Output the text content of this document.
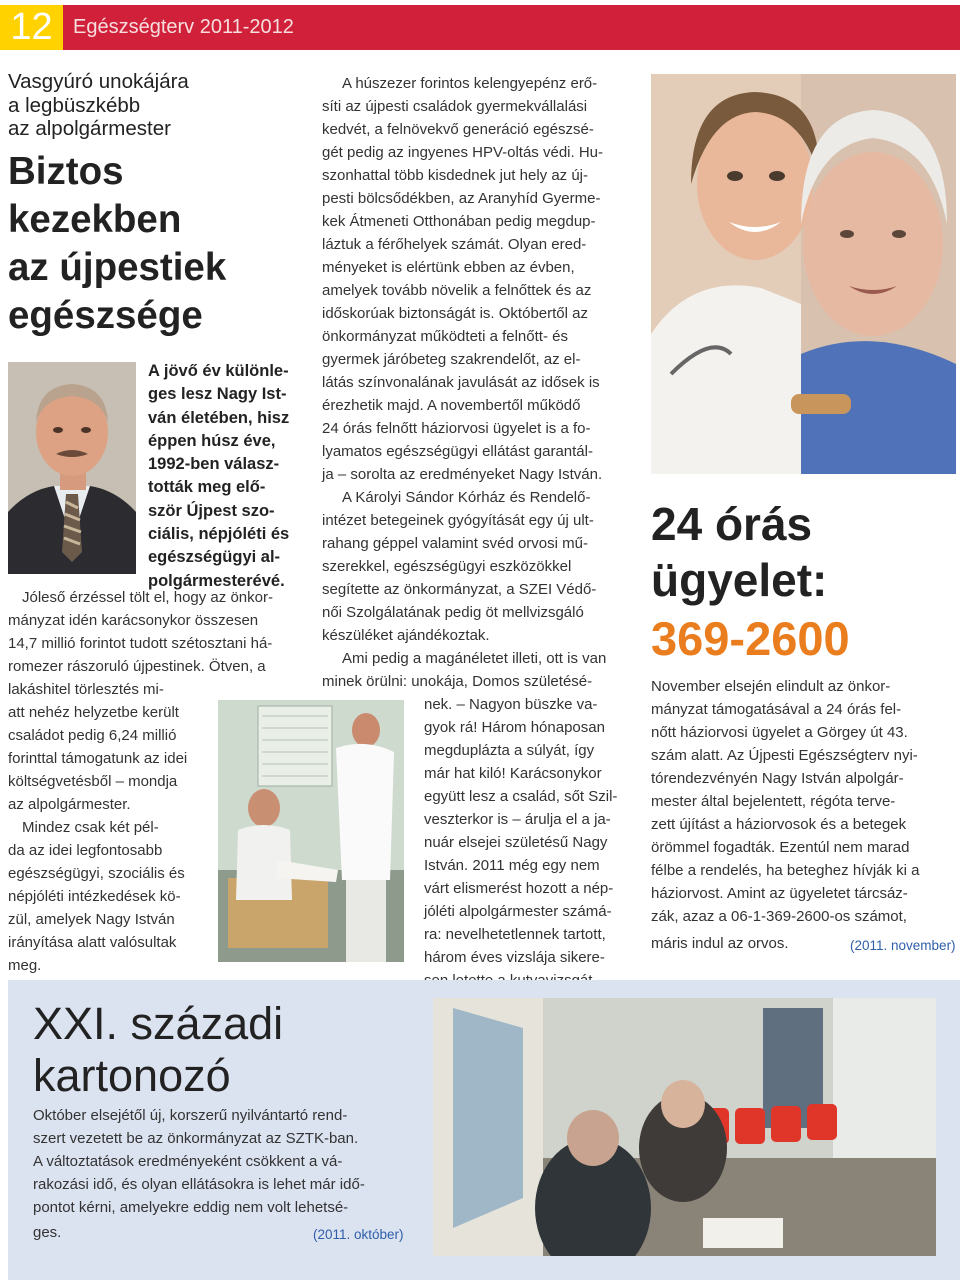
12	Egészségterv 2011-2012
Vasgyúró unokájára
a legbüszkébb
az alpolgármester
Biztos
kezekben
az újpestiek
egészsége
A jövő év különle-
ges lesz Nagy Ist-
ván életében, hisz
éppen húsz éve,
1992-ben válasz-
tották meg elő-
ször Újpest szo-
ciális, népjóléti és
egészségügyi al-
polgármesterévé.
Jóleső érzéssel tölt el, hogy az önkor-
mányzat idén karácsonykor összesen
14,7 millió forintot tudott szétosztani há-
romezer rászoruló újpestinek. Ötven, a
lakáshitel törlesztés mi-
att nehéz helyzetbe került
családot pedig 6,24 millió
forinttal támogatunk az idei
költségvetésből – mondja
az alpolgármester.
Mindez csak két pél-
da az idei legfontosabb
egészségügyi, szociális és
népjóléti intézkedések kö-
zül, amelyek Nagy István
irányítása alatt valósultak
meg.
A húszezer forintos kelengyepénz erő-
síti az újpesti családok gyermekvállalási
kedvét, a felnövekvő generáció egészsé-
gét pedig az ingyenes HPV-oltás védi. Hu-
szonhattal több kisdednek jut hely az új-
pesti bölcsődékben, az Aranyhíd Gyerme-
kek Átmeneti Otthonában pedig megdup-
láztuk a férőhelyek számát. Olyan ered-
ményeket is elértünk ebben az évben,
amelyek tovább növelik a felnőttek és az
időskorúak biztonságát is. Októbertől az
önkormányzat működteti a felnőtt- és
gyermek járóbeteg szakrendelőt, az el-
látás színvonalának javulását az idősek is
érezhetik majd. A novembertől működő
24 órás felnőtt háziorvosi ügyelet is a fo-
lyamatos egészségügyi ellátást garantál-
ja – sorolta az eredményeket Nagy István.
A Károlyi Sándor Kórház és Rendelő-
intézet betegeinek gyógyítását egy új ult-
rahang géppel valamint svéd orvosi mű-
szerekkel, egészségügyi eszközökkel
segítette az önkormányzat, a SZEI Védő-
női Szolgálatának pedig öt mellvizsgáló
készüléket ajándékoztak.
Ami pedig a magánéletet illeti, ott is van
minek örülni: unokája, Domos születésé-
nek. – Nagyon büszke va-
gyok rá! Három hónaposan
megduplázta a súlyát, így
már hat kiló! Karácsonykor
együtt lesz a család, sőt Szil-
veszterkor is – árulja el a ja-
nuár elsejei születésű Nagy
István. 2011 még egy nem
várt elismerést hozott a nép-
jóléti alpolgármester számá-
ra: nevelhetetlennek tartott,
három éves vizslája sikere-
24 órás
ügyelet:
369-2600
November elsején elindult az önkor-
mányzat támogatásával a 24 órás fel-
nőtt háziorvosi ügyelet a Görgey út 43.
szám alatt. Az Újpesti Egészségterv nyi-
tórendezvényén Nagy István alpolgár-
mester által bejelentett, régóta terve-
zett újítást a háziorvosok és a betegek
örömmel fogadták. Ezentúl nem marad
félbe a rendelés, ha beteghez hívják ki a
háziorvost. Amint az ügyeletet tárcsáz-
zák, azaz a 06-1-369-2600-os számot,
máris indul az orvos.	(2011. november)
XXI. századi
kartonozó
Október elsejétől új, korszerű nyilvántartó rend-
szert vezetett be az önkormányzat az SZTK-ban.
A változtatások eredményeként csökkent a vá-
rakozási idő, és olyan ellátásokra is lehet már idő-
pontot kérni, amelyekre eddig nem volt lehetsé-
ges.	(2011. október)
